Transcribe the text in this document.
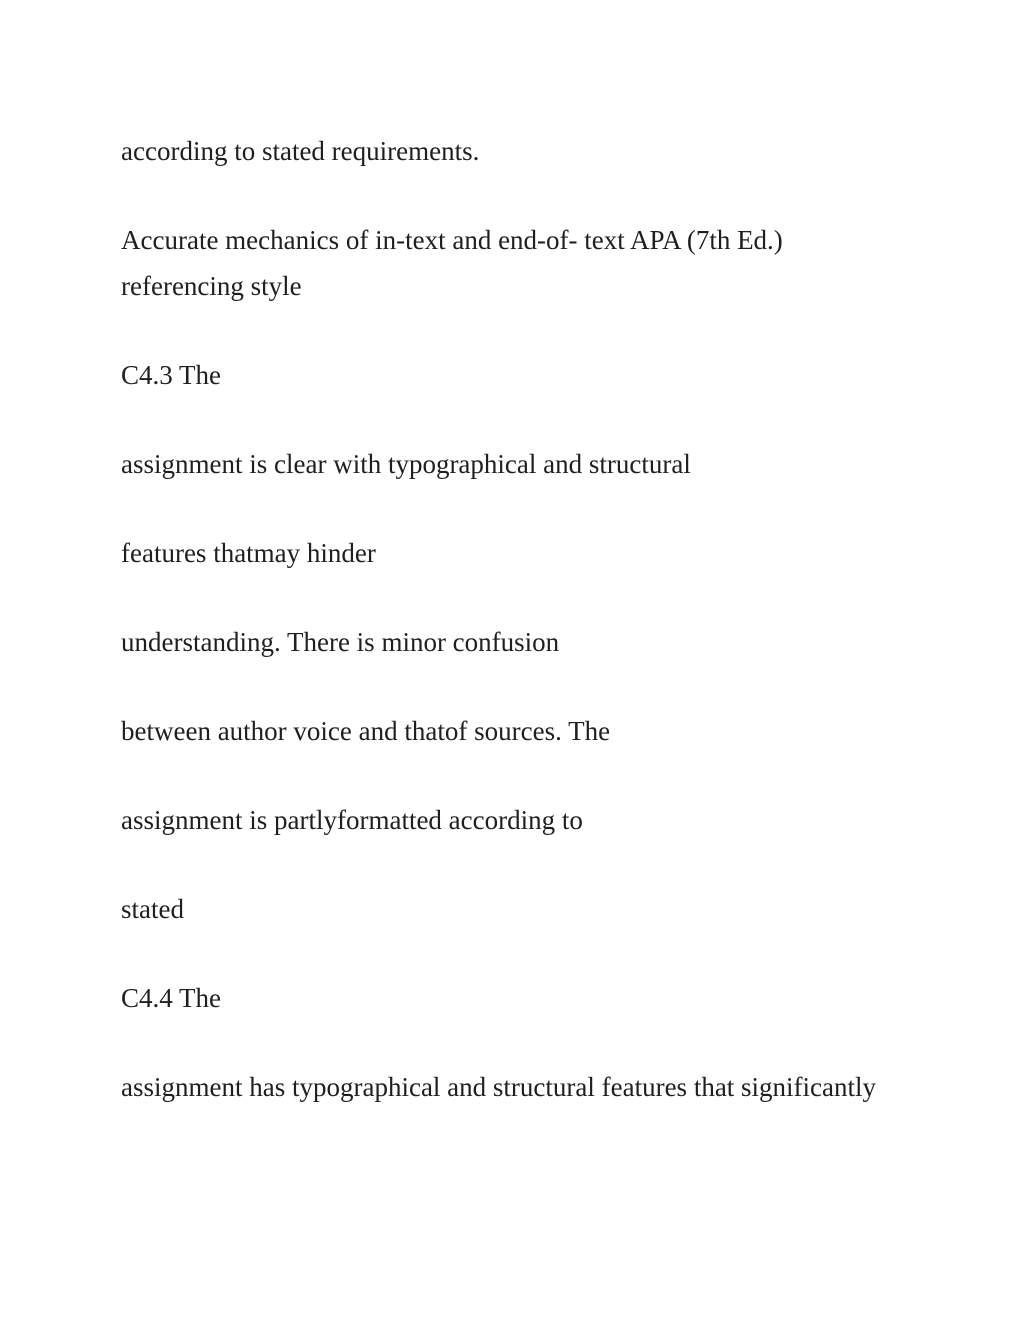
according to stated requirements.

Accurate mechanics of in-text and end-of- text APA (7th Ed.) referencing style

C4.3 The

assignment is clear with typographical and structural

features thatmay hinder

understanding. There is minor confusion

between author voice and thatof sources. The

assignment is partlyformatted according to

stated

C4.4 The

assignment has typographical and structural features that significantly
